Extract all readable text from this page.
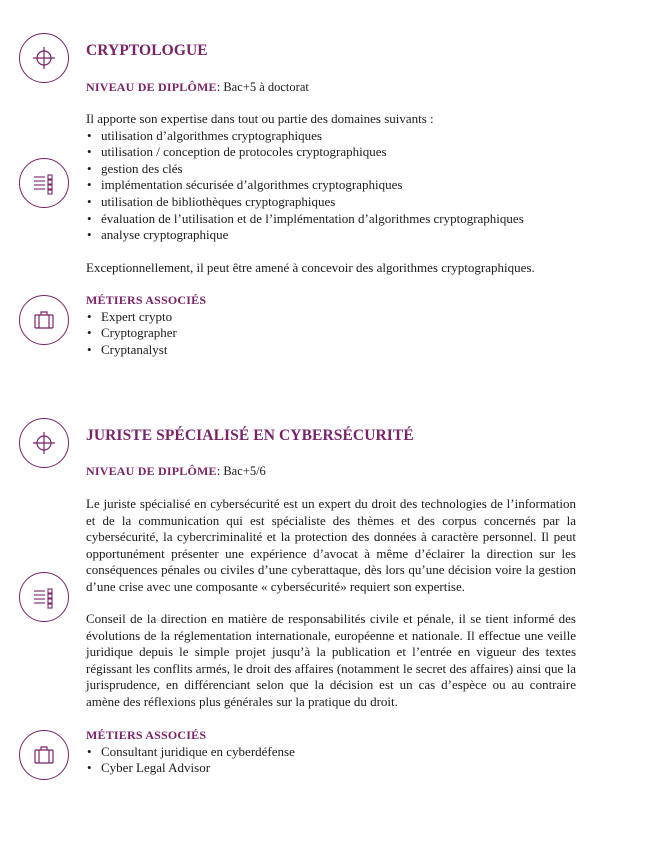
CRYPTOLOGUE
NIVEAU DE DIPLÔME: Bac+5 à doctorat

Il apporte son expertise dans tout ou partie des domaines suivants :

• utilisation d’algorithmes cryptographiques
• utilisation / conception de protocoles cryptographiques
• gestion des clés
• implémentation sécurisée d’algorithmes cryptographiques
• utilisation de bibliothèques cryptographiques
• évaluation de l’utilisation et de l’implémentation d’algorithmes cryptographiques
• analyse cryptographique

Exceptionnellement, il peut être amené à concevoir des algorithmes cryptographiques.

MÉTIERS ASSOCIÉS
• Expert crypto
• Cryptographer
• Cryptanalyst
JURISTE SPÉCIALISÉ EN CYBERSÉCURITÉ
NIVEAU DE DIPLÔME: Bac+5/6

Le juriste spécialisé en cybersécurité est un expert du droit des technologies de l’information et de la communication qui est spécialiste des thèmes et des corpus concernés par la cybersécurité, la cybercriminalité et la protection des données à caractère personnel. Il peut opportunément présenter une expérience d’avocat à même d’éclairer la direction sur les conséquences pénales ou civiles d’une cyberattaque, dès lors qu’une décision voire la gestion d’une crise avec une composante « cybersécurité» requiert son expertise.

Conseil de la direction en matière de responsabilités civile et pénale, il se tient informé des évolutions de la réglementation internationale, européenne et nationale. Il effectue une veille juridique depuis le simple projet jusqu’à la publication et l’entrée en vigueur des textes régissant les conflits armés, le droit des affaires (notamment le secret des affaires) ainsi que la jurisprudence, en différenciant selon que la décision est un cas d’espèce ou au contraire amène des réflexions plus générales sur la pratique du droit.

MÉTIERS ASSOCIÉS
• Consultant juridique en cyberdéfense
• Cyber Legal Advisor
